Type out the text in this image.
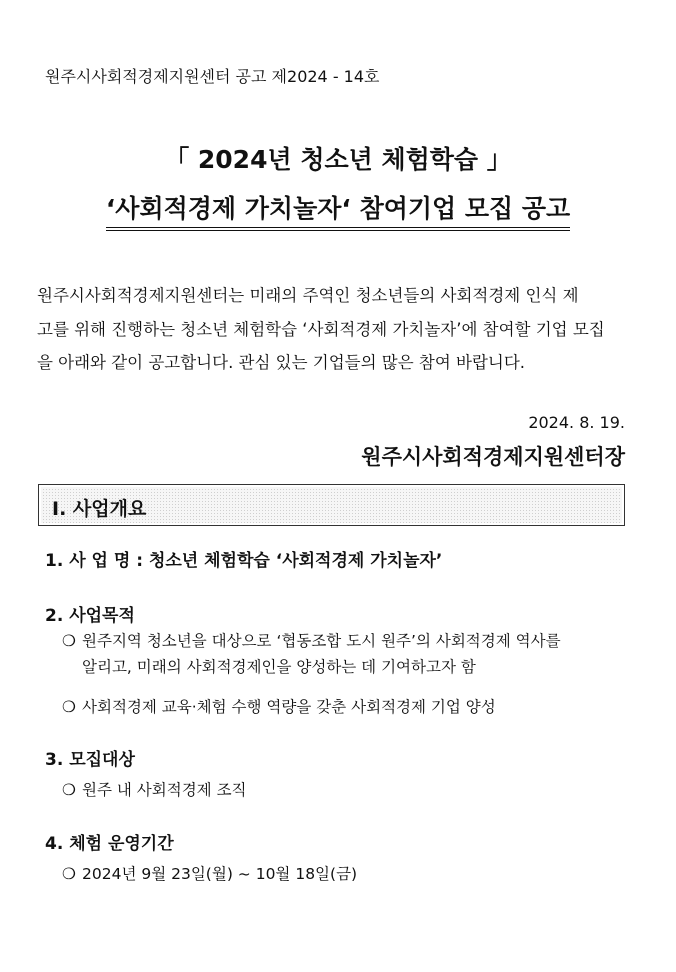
원주시사회적경제지원센터 공고 제2024 - 14호
「 2024년 청소년 체험학습 」
‘사회적경제 가치놀자‘ 참여기업 모집 공고
원주시사회적경제지원센터는 미래의 주역인 청소년들의 사회적경제 인식 제
고를 위해 진행하는 청소년 체험학습 ‘사회적경제 가치놀자’에 참여할 기업 모집
을 아래와 같이 공고합니다. 관심 있는 기업들의 많은 참여 바랍니다.
2024. 8. 19.
원주시사회적경제지원센터장
Ⅰ. 사업개요
1. 사 업 명 : 청소년 체험학습 ‘사회적경제 가치놀자’
2. 사업목적
❍ 원주지역 청소년을 대상으로 ‘협동조합 도시 원주’의 사회적경제 역사를
알리고, 미래의 사회적경제인을 양성하는 데 기여하고자 함
❍ 사회적경제 교육·체험 수행 역량을 갖춘 사회적경제 기업 양성
3. 모집대상
❍ 원주 내 사회적경제 조직
4. 체험 운영기간
❍ 2024년 9월 23일(월) ~ 10월 18일(금)
